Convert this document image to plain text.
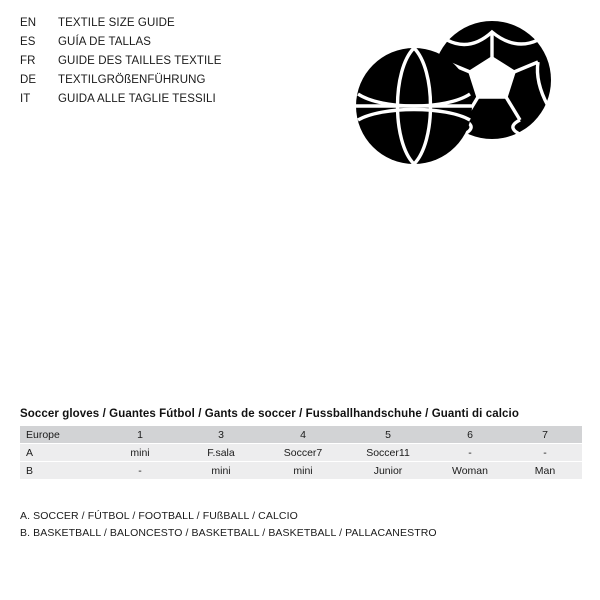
EN	TEXTILE SIZE GUIDE
ES	GUÍA DE TALLAS
FR	GUIDE DES TAILLES TEXTILE
DE	TEXTILGRÖßENFÜHRUNG
IT	GUIDA ALLE TAGLIE TESSILI
Soccer gloves / Guantes Fútbol / Gants de soccer / Fussballhandschuhe / Guanti di calcio
Europe	1	3	4	5	6	7
A	mini	F.sala	Soccer7	Soccer11	-	-
B	-	mini	mini	Junior	Woman	Man
A. SOCCER / FÚTBOL / FOOTBALL / FUßBALL / CALCIO
B. BASKETBALL / BALONCESTO / BASKETBALL / BASKETBALL / PALLACANESTRO
